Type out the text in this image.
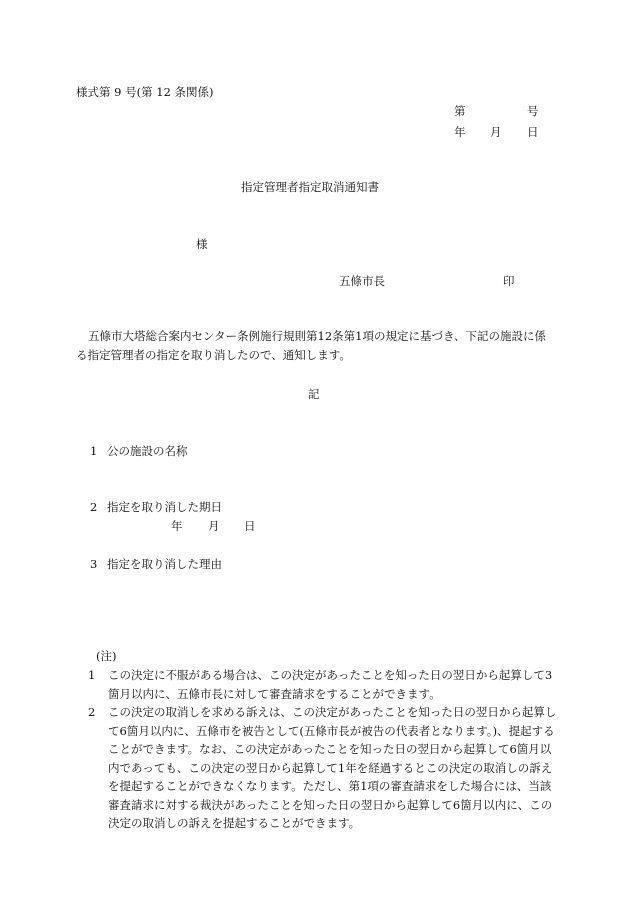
様式第 9 号(第 12 条関係)
第	号
年 月 日
指定管理者指定取消通知書
様
五條市長	印
五條市大塔総合案内センター条例施行規則第12条第1項の規定に基づき、下記の施設に係る指定管理者の指定を取り消したので、通知します。
記
1 公の施設の名称
2 指定を取り消した期日
年 月 日
3 指定を取り消した理由
(注)
1	この決定に不服がある場合は、この決定があったことを知った日の翌日から起算して3箇月以内に、五條市長に対して審査請求をすることができます。
2	この決定の取消しを求める訴えは、この決定があったことを知った日の翌日から起算して6箇月以内に、五條市を被告として(五條市長が被告の代表者となります。)、提起することができます。なお、この決定があったことを知った日の翌日から起算して6箇月以内であっても、この決定の翌日から起算して1年を経過するとこの決定の取消しの訴えを提起することができなくなります。ただし、第1項の審査請求をした場合には、当該審査請求に対する裁決があったことを知った日の翌日から起算して6箇月以内に、この決定の取消しの訴えを提起することができます。
